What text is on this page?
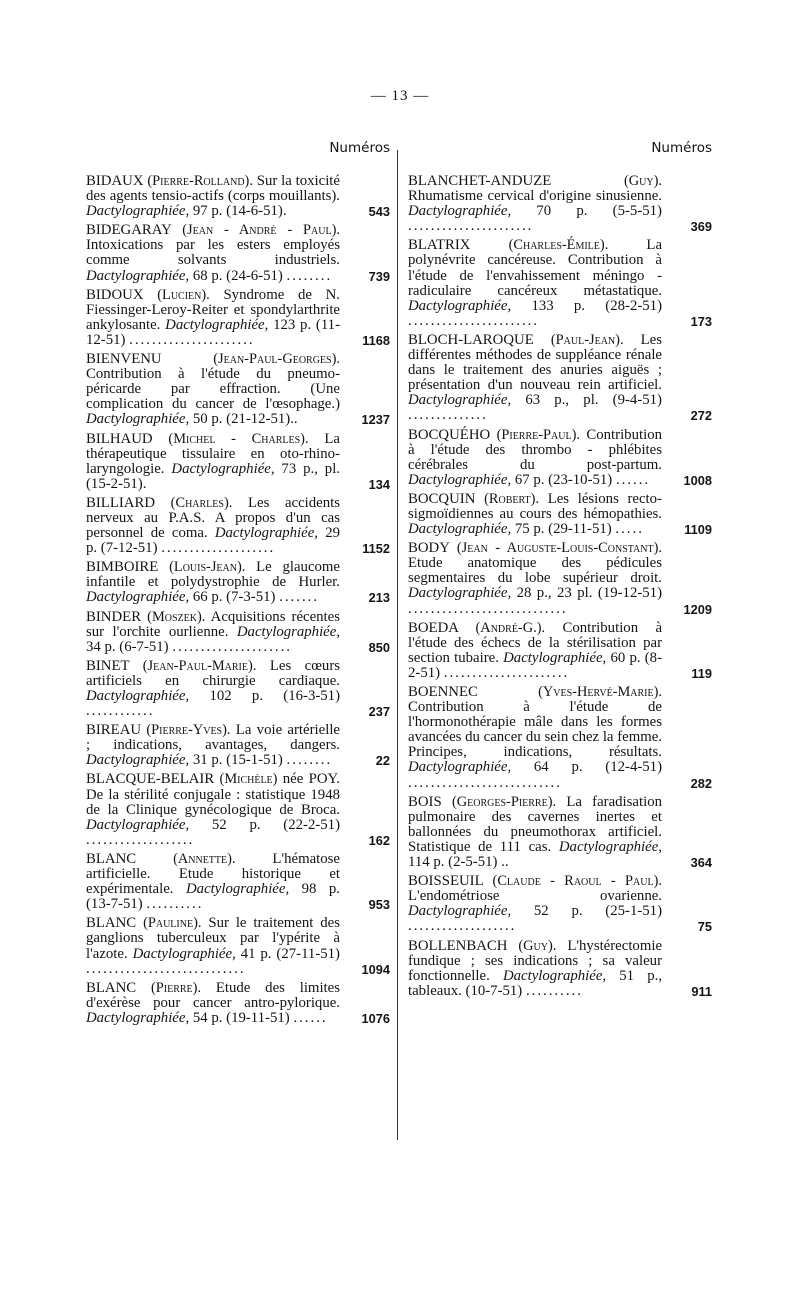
— 13 —
Numéros
BIDAUX (Pierre-Rolland). Sur la toxicité des agents tensio-actifs (corps mouillants). Dactylographiée, 97 p. (14-6-51).	543
BIDEGARAY (Jean - André - Paul). Intoxications par les esters employés comme solvants industriels. Dactylographiée, 68 p. (24-6-51) ........	739
BIDOUX (Lucien). Syndrome de N. Fiessinger-Leroy-Reiter et spondylarthrite ankylosante. Dactylographiée, 123 p. (11-12-51) ......................	1168
BIENVENU	(Jean-Paul-Georges). Contribution à l'étude du pneumo-péricarde par effraction. (Une complication du cancer de l'œsophage.) Dactylographiée, 50 p. (21-12-51)..	1237
BILHAUD (Michel - Charles). La thérapeutique tissulaire en oto-rhino-laryngologie. Dactylographiée, 73 p., pl. (15-2-51).	134
BILLIARD (Charles). Les accidents nerveux au P.A.S. A propos d'un cas personnel de coma. Dactylographiée, 29 p. (7-12-51) ....................	1152
BIMBOIRE (Louis-Jean). Le glaucome infantile et polydystrophie de Hurler. Dactylographiée, 66 p. (7-3-51) .......	213
BINDER (Moszek). Acquisitions récentes sur l'orchite ourlienne. Dactylographiée, 34 p. (6-7-51) .....................	850
BINET (Jean-Paul-Marie). Les cœurs artificiels en chirurgie cardiaque. Dactylographiée, 102 p. (16-3-51) ............	237
BIREAU (Pierre-Yves). La voie artérielle ; indications, avantages, dangers. Dactylographiée, 31 p. (15-1-51) ........	22
BLACQUE-BELAIR (Michèle) née POY. De la stérilité conjugale : statistique 1948 de la Clinique gynécologique de Broca. Dactylographiée, 52 p. (22-2-51) ...................	162
BLANC	(Annette). L'hématose artificielle. Etude historique et expérimentale. Dactylographiée, 98 p. (13-7-51) ..........	953
BLANC (Pauline). Sur le traitement des ganglions tuberculeux par l'ypérite à l'azote. Dactylographiée, 41 p. (27-11-51) ............................	1094
BLANC (Pierre). Etude des limites d'exérèse pour cancer antro-pylorique. Dactylographiée, 54 p. (19-11-51) ......	1076
Numéros
BLANCHET-ANDUZE	(Guy). Rhumatisme cervical d'origine sinusienne. Dactylographiée, 70 p. (5-5-51) ......................	369
BLATRIX	(Charles-Émile).	La polynévrite cancéreuse. Contribution à l'étude de l'envahissement méningo - radiculaire cancéreux métastatique. Dactylographiée, 133 p. (28-2-51) .......................	173
BLOCH-LAROQUE (Paul-Jean). Les différentes méthodes de suppléance rénale dans le traitement des anuries aiguës ; présentation d'un nouveau rein artificiel. Dactylographiée, 63 p., pl. (9-4-51) ..............	272
BOCQUÉHO (Pierre-Paul). Contribution à l'étude des thrombo - phlébites cérébrales du post-partum. Dactylographiée, 67 p. (23-10-51) ......	1008
BOCQUIN (Robert). Les lésions recto-sigmoïdiennes au cours des hémopathies. Dactylographiée, 75 p. (29-11-51) .....	1109
BODY (Jean - Auguste-Louis-Constant). Etude anatomique des pédicules segmentaires du lobe supérieur droit. Dactylographiée, 28 p., 23 pl. (19-12-51) ............................	1209
BOEDA (André-G.). Contribution à l'étude des échecs de la stérilisation par section tubaire. Dactylographiée, 60 p. (8-2-51) ......................	119
BOENNEC	(Yves-Hervé-Marie). Contribution à l'étude de l'hormonothérapie mâle dans les formes avancées du cancer du sein chez la femme. Principes, indications, résultats. Dactylographiée, 64 p. (12-4-51) ...........................	282
BOIS (Georges-Pierre). La faradisation pulmonaire des cavernes inertes et ballonnées du pneumothorax artificiel. Statistique de 111 cas. Dactylographiée, 114 p. (2-5-51) ..	364
BOISSEUIL (Claude - Raoul - Paul). L'endométriose ovarienne. Dactylographiée, 52 p. (25-1-51) ...................	75
BOLLENBACH (Guy). L'hystérectomie fundique ; ses indications ; sa valeur fonctionnelle. Dactylographiée, 51 p., tableaux. (10-7-51) ..........	911
